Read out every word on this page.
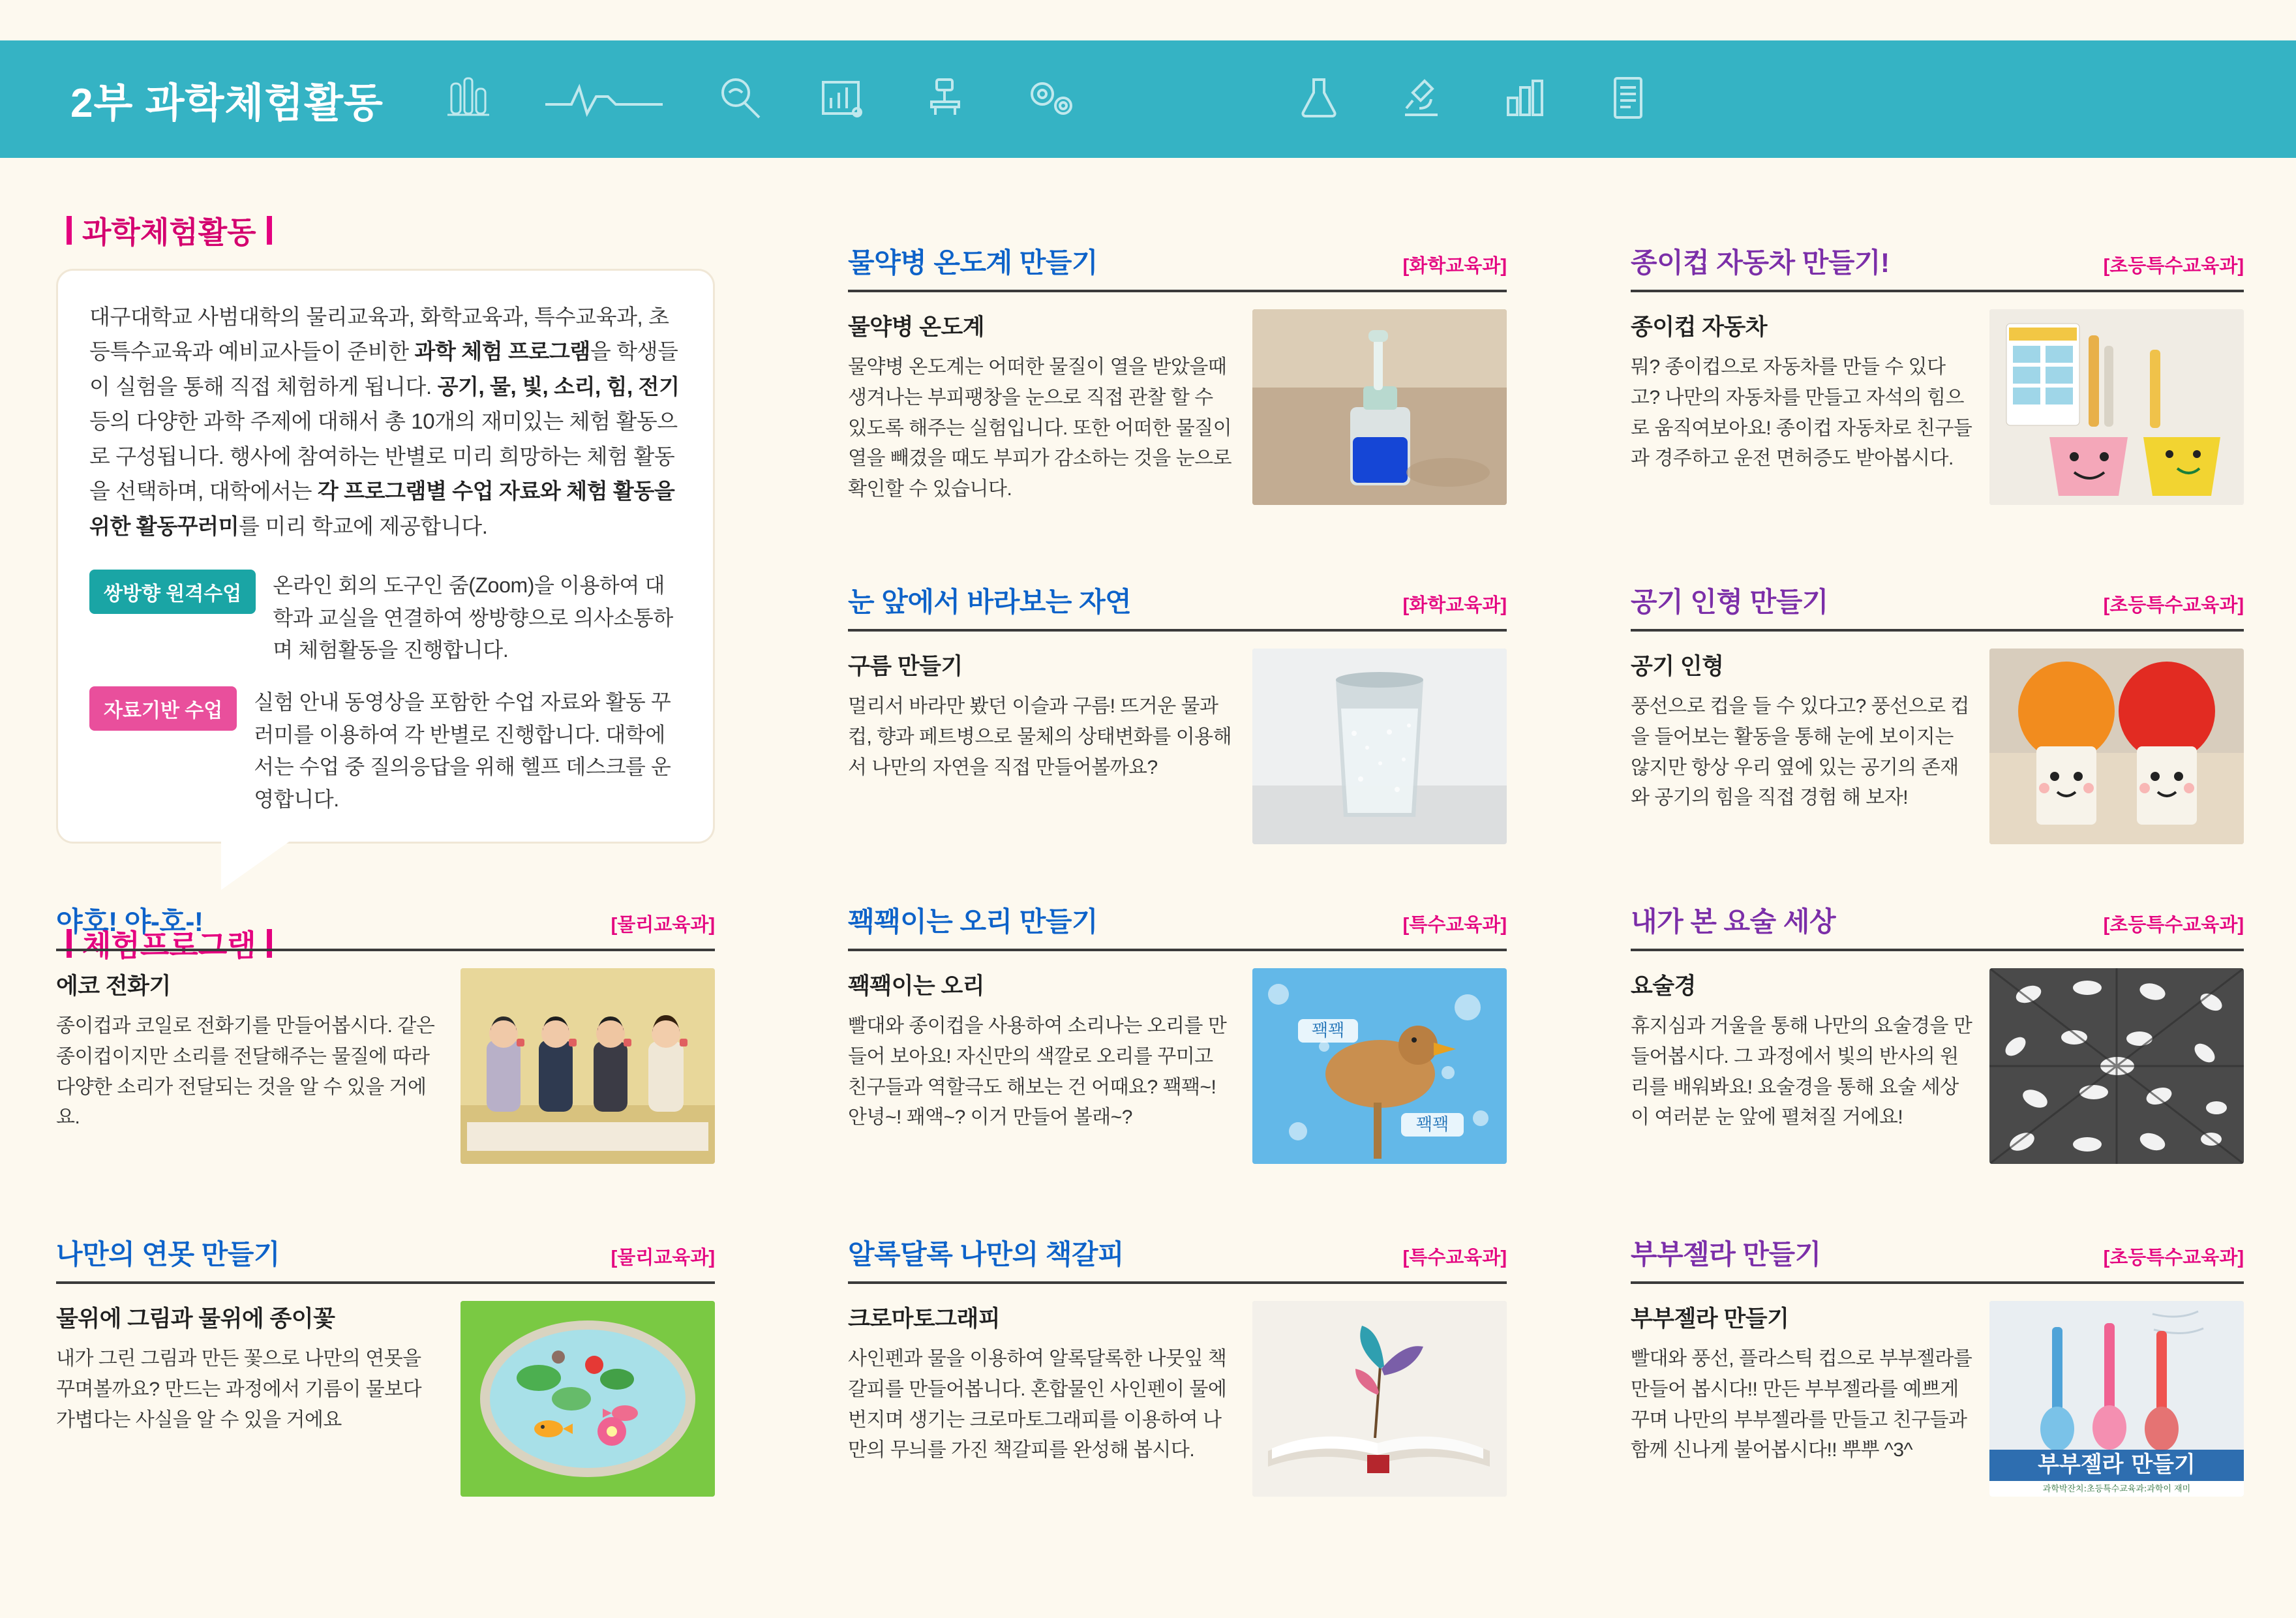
2부 과학체험활동
과학체험활동

대구대학교 사범대학의 물리교육과, 화학교육과, 특수교육과, 초등특수교육과 예비교사들이 준비한 과학 체험 프로그램을 학생들이 실험을 통해 직접 체험하게 됩니다. 공기, 물, 빛, 소리, 힘, 전기 등의 다양한 과학 주제에 대해서 총 10개의 재미있는 체험 활동으로 구성됩니다. 행사에 참여하는 반별로 미리 희망하는 체험 활동을 선택하며, 대학에서는 각 프로그램별 수업 자료와 체험 활동을 위한 활동꾸러미를 미리 학교에 제공합니다.

쌍방향 원격수업	온라인 회의 도구인 줌(Zoom)을 이용하여 대학과 교실을 연결하여 쌍방향으로 의사소통하며 체험활동을 진행합니다.
자료기반 수업	실험 안내 동영상을 포함한 수업 자료와 활동 꾸러미를 이용하여 각 반별로 진행합니다. 대학에서는 수업 중 질의응답을 위해 헬프 데스크를 운영합니다.
체험프로그램
야호! 야-호-!	[물리교육과]
에코 전화기
종이컵과 코일로 전화기를 만들어봅시다. 같은 종이컵이지만 소리를 전달해주는 물질에 따라 다양한 소리가 전달되는 것을 알 수 있을 거에요.
나만의 연못 만들기	[물리교육과]
물위에 그림과 물위에 종이꽃
내가 그린 그림과 만든 꽃으로 나만의 연못을 꾸며볼까요? 만드는 과정에서 기름이 물보다 가볍다는 사실을 알 수 있을 거에요
물약병 온도계 만들기	[화학교육과]
물약병 온도계
물약병 온도계는 어떠한 물질이 열을 받았을때 생겨나는 부피팽창을 눈으로 직접 관찰 할 수 있도록 해주는 실험입니다. 또한 어떠한 물질이 열을 빼겼을 때도 부피가 감소하는 것을 눈으로 확인할 수 있습니다.
눈 앞에서 바라보는 자연	[화학교육과]
구름 만들기
멀리서 바라만 봤던 이슬과 구름! 뜨거운 물과 컵, 향과 페트병으로 물체의 상태변화를 이용해서 나만의 자연을 직접 만들어볼까요?
꽥꽥이는 오리 만들기	[특수교육과]
꽥꽥이는 오리
빨대와 종이컵을 사용하여 소리나는 오리를 만들어 보아요! 자신만의 색깔로 오리를 꾸미고 친구들과 역할극도 해보는 건 어때요? 꽥꽥~! 안녕~! 꽤액~? 이거 만들어 볼래~?
꽥꽥
꽥꽥
알록달록 나만의 책갈피	[특수교육과]
크로마토그래피
사인펜과 물을 이용하여 알록달록한 나뭇잎 책갈피를 만들어봅니다. 혼합물인 사인펜이 물에 번지며 생기는 크로마토그래피를 이용하여 나만의 무늬를 가진 책갈피를 완성해 봅시다.
종이컵 자동차 만들기!	[초등특수교육과]
종이컵 자동차
뭐? 종이컵으로 자동차를 만들 수 있다고? 나만의 자동차를 만들고 자석의 힘으로 움직여보아요! 종이컵 자동차로 친구들과 경주하고 운전 면허증도 받아봅시다.
공기 인형 만들기	[초등특수교육과]
공기 인형
풍선으로 컵을 들 수 있다고? 풍선으로 컵을 들어보는 활동을 통해 눈에 보이지는 않지만 항상 우리 옆에 있는 공기의 존재와 공기의 힘을 직접 경험 해 보자!
내가 본 요술 세상	[초등특수교육과]
요술경
휴지심과 거울을 통해 나만의 요술경을 만들어봅시다. 그 과정에서 빛의 반사의 원리를 배워봐요! 요술경을 통해 요술 세상이 여러분 눈 앞에 펼쳐질 거에요!
부부젤라 만들기	[초등특수교육과]
부부젤라 만들기
빨대와 풍선, 플라스틱 컵으로 부부젤라를 만들어 봅시다!! 만든 부부젤라를 예쁘게 꾸며 나만의 부부젤라를 만들고 친구들과 함께 신나게 불어봅시다!! 뿌뿌 ^3^
부부젤라 만들기
과학박잔치:초등특수교육과:과학이 재미
